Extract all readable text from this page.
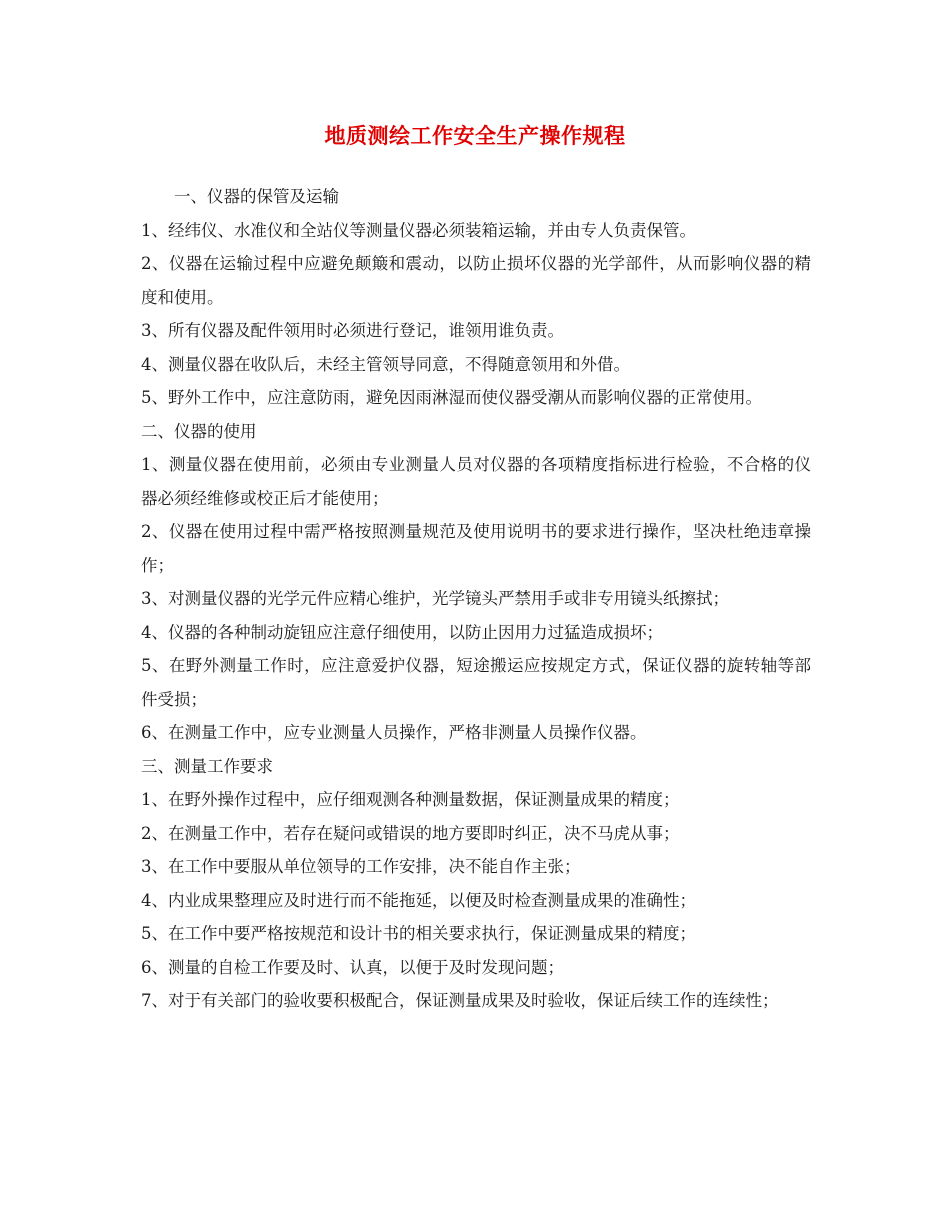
地质测绘工作安全生产操作规程

一、仪器的保管及运输

1、经纬仪、水准仪和全站仪等测量仪器必须装箱运输，并由专人负责保管。

2、仪器在运输过程中应避免颠簸和震动，以防止损坏仪器的光学部件，从而影响仪器的精度和使用。

3、所有仪器及配件领用时必须进行登记，谁领用谁负责。

4、测量仪器在收队后，未经主管领导同意，不得随意领用和外借。

5、野外工作中，应注意防雨，避免因雨淋湿而使仪器受潮从而影响仪器的正常使用。

二、仪器的使用

1、测量仪器在使用前，必须由专业测量人员对仪器的各项精度指标进行检验，不合格的仪器必须经维修或校正后才能使用；

2、仪器在使用过程中需严格按照测量规范及使用说明书的要求进行操作，坚决杜绝违章操作；

3、对测量仪器的光学元件应精心维护，光学镜头严禁用手或非专用镜头纸擦拭；

4、仪器的各种制动旋钮应注意仔细使用，以防止因用力过猛造成损坏；

5、在野外测量工作时，应注意爱护仪器，短途搬运应按规定方式，保证仪器的旋转轴等部件受损；

6、在测量工作中，应专业测量人员操作，严格非测量人员操作仪器。

三、测量工作要求

1、在野外操作过程中，应仔细观测各种测量数据，保证测量成果的精度；

2、在测量工作中，若存在疑问或错误的地方要即时纠正，决不马虎从事；

3、在工作中要服从单位领导的工作安排，决不能自作主张；

4、内业成果整理应及时进行而不能拖延，以便及时检查测量成果的准确性；

5、在工作中要严格按规范和设计书的相关要求执行，保证测量成果的精度；

6、测量的自检工作要及时、认真，以便于及时发现问题；

7、对于有关部门的验收要积极配合，保证测量成果及时验收，保证后续工作的连续性；
